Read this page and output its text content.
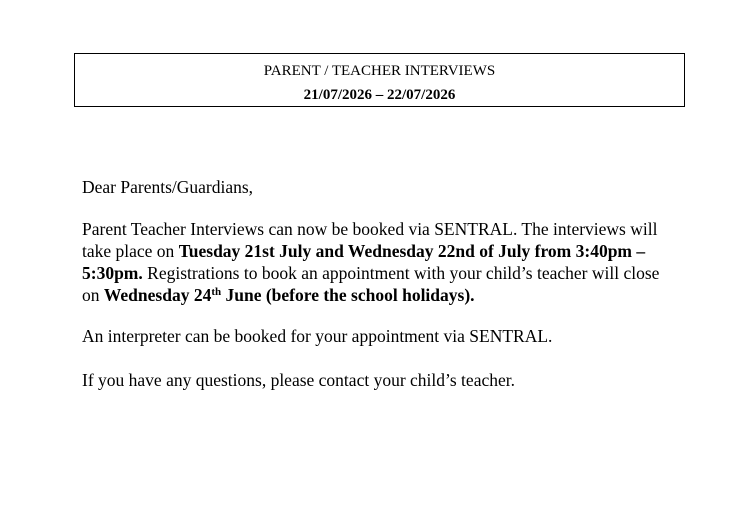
PARENT / TEACHER INTERVIEWS
21/07/2026 – 22/07/2026

Dear Parents/Guardians,

Parent Teacher Interviews can now be booked via SENTRAL. The interviews will take place on Tuesday 21st July and Wednesday 22nd of July from 3:40pm – 5:30pm. Registrations to book an appointment with your child’s teacher will close on Wednesday 24th June (before the school holidays).

An interpreter can be booked for your appointment via SENTRAL.

If you have any questions, please contact your child’s teacher.
